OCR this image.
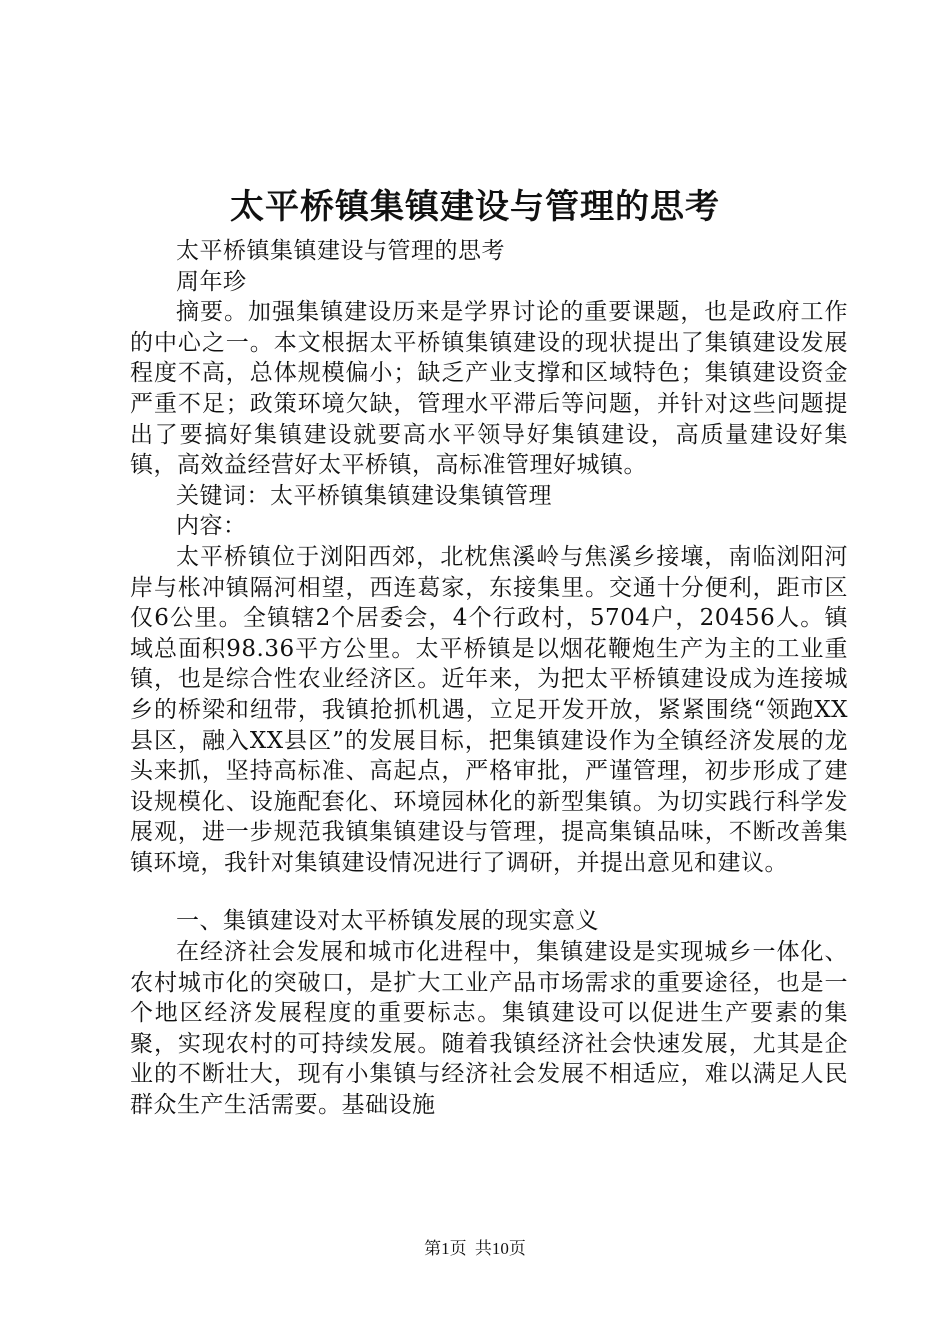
太平桥镇集镇建设与管理的思考

太平桥镇集镇建设与管理的思考

周年珍

摘要。加强集镇建设历来是学界讨论的重要课题，也是政府工作的中心之一。本文根据太平桥镇集镇建设的现状提出了集镇建设发展程度不高，总体规模偏小；缺乏产业支撑和区域特色；集镇建设资金严重不足；政策环境欠缺，管理水平滞后等问题，并针对这些问题提出了要搞好集镇建设就要高水平领导好集镇建设，高质量建设好集镇，高效益经营好太平桥镇，高标准管理好城镇。

关键词：太平桥镇集镇建设集镇管理

内容：

太平桥镇位于浏阳西郊，北枕焦溪岭与焦溪乡接壤，南临浏阳河岸与枨冲镇隔河相望，西连葛家，东接集里。交通十分便利，距市区仅6公里。全镇辖2个居委会，4个行政村，5704户，20456人。镇域总面积98.36平方公里。太平桥镇是以烟花鞭炮生产为主的工业重镇，也是综合性农业经济区。近年来，为把太平桥镇建设成为连接城乡的桥梁和纽带，我镇抢抓机遇，立足开发开放，紧紧围绕“领跑XX县区，融入XX县区”的发展目标，把集镇建设作为全镇经济发展的龙头来抓，坚持高标准、高起点，严格审批，严谨管理，初步形成了建设规模化、设施配套化、环境园林化的新型集镇。为切实践行科学发展观，进一步规范我镇集镇建设与管理，提高集镇品味，不断改善集镇环境，我针对集镇建设情况进行了调研，并提出意见和建议。

一、集镇建设对太平桥镇发展的现实意义

在经济社会发展和城市化进程中，集镇建设是实现城乡一体化、农村城市化的突破口，是扩大工业产品市场需求的重要途径，也是一个地区经济发展程度的重要标志。集镇建设可以促进生产要素的集聚，实现农村的可持续发展。随着我镇经济社会快速发展，尤其是企业的不断壮大，现有小集镇与经济社会发展不相适应，难以满足人民群众生产生活需要。基础设施

第1页 共10页
